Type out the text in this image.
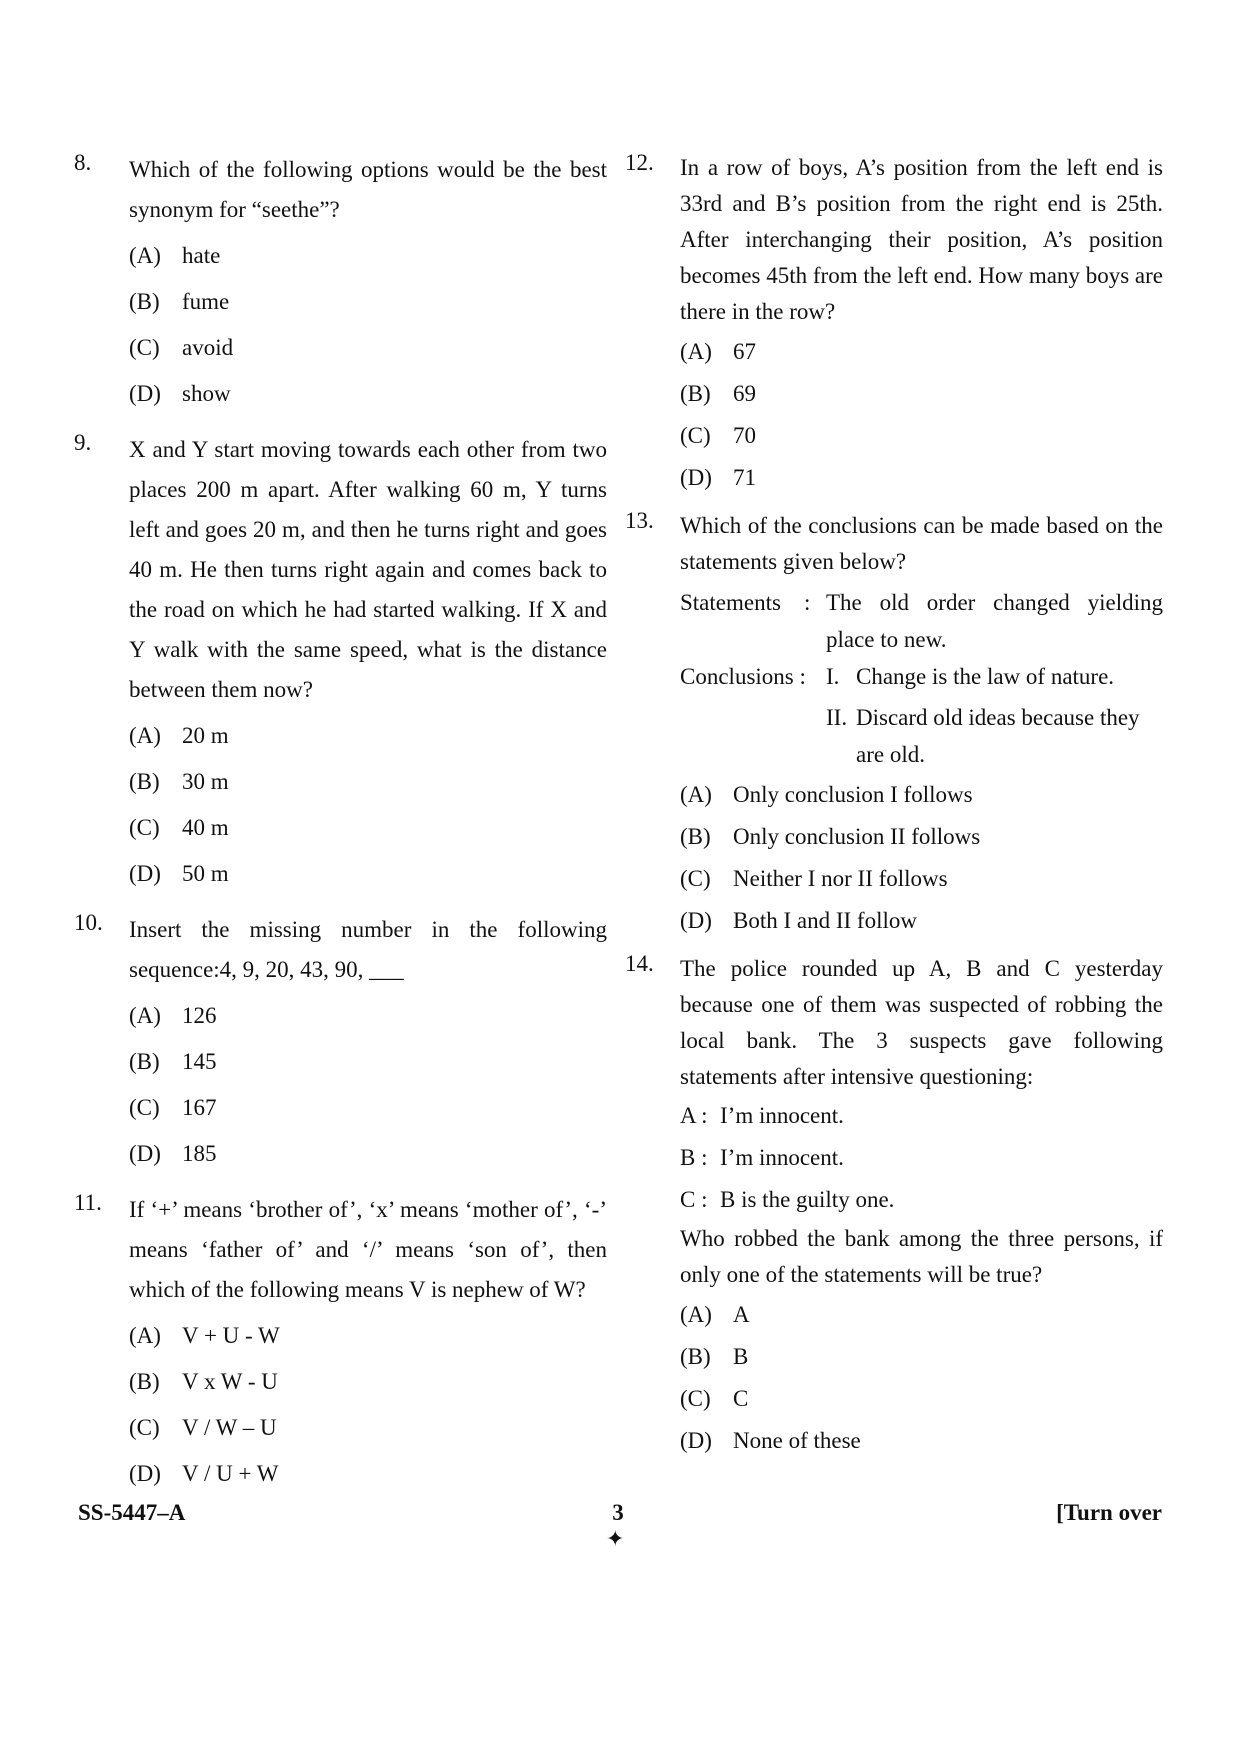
8. Which of the following options would be the best synonym for “seethe”?
(A) hate
(B) fume
(C) avoid
(D) show
9. X and Y start moving towards each other from two places 200 m apart. After walking 60 m, Y turns left and goes 20 m, and then he turns right and goes 40 m. He then turns right again and comes back to the road on which he had started walking. If X and Y walk with the same speed, what is the distance between them now?
(A) 20 m
(B) 30 m
(C) 40 m
(D) 50 m
10. Insert the missing number in the following sequence:4, 9, 20, 43, 90, ___
(A) 126
(B) 145
(C) 167
(D) 185
11. If ‘+’ means ‘brother of’, ‘x’ means ‘mother of’, ‘-’ means ‘father of’ and ‘/’ means ‘son of’, then which of the following means V is nephew of W?
(A) V + U - W
(B) V x W - U
(C) V / W – U
(D) V / U + W
12. In a row of boys, A’s position from the left end is 33rd and B’s position from the right end is 25th. After interchanging their position, A’s position becomes 45th from the left end. How many boys are there in the row?
(A) 67
(B) 69
(C) 70
(D) 71
13. Which of the conclusions can be made based on the statements given below?
Statements	: The old order changed yielding place to new.
Conclusions : I. Change is the law of nature.
II. Discard old ideas because they are old.
(A) Only conclusion I follows
(B) Only conclusion II follows
(C) Neither I nor II follows
(D) Both I and II follow
14. The police rounded up A, B and C yesterday because one of them was suspected of robbing the local bank. The 3 suspects gave following statements after intensive questioning:
A : I’m innocent.
B : I’m innocent.
C : B is the guilty one.
Who robbed the bank among the three persons, if only one of the statements will be true?
(A) A
(B) B
(C) C
(D) None of these
SS-5447–A	3
✦
[Turn over
